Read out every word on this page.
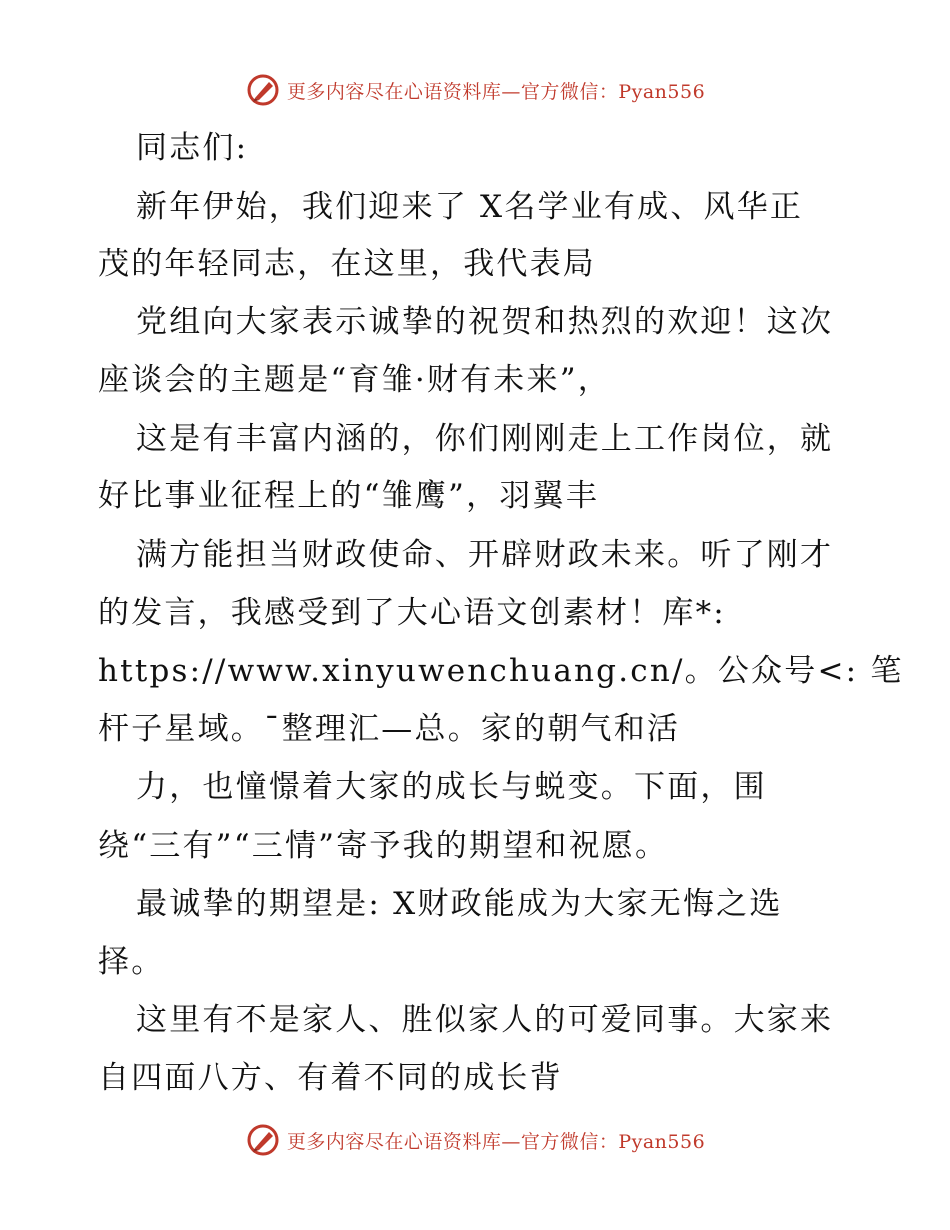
更多内容尽在心语资料库—官方微信：Pyan556
同志们:
新年伊始，我们迎来了 X名学业有成、风华正
茂的年轻同志，在这里，我代表局
党组向大家表示诚挚的祝贺和热烈的欢迎！这次
座谈会的主题是“育雏·财有未来”，
这是有丰富内涵的，你们刚刚走上工作岗位，就
好比事业征程上的“雏鹰”，羽翼丰
满方能担当财政使命、开辟财政未来。听了刚才
的发言，我感受到了大心语文创素材！库*:
https://www.xinyuwenchuang.cn/。公众号<: 笔
杆子星域。¯整理汇—总。家的朝气和活
力，也憧憬着大家的成长与蜕变。下面，围
绕“三有”“三情”寄予我的期望和祝愿。
最诚挚的期望是: X财政能成为大家无悔之选
择。
这里有不是家人、胜似家人的可爱同事。大家来
自四面八方、有着不同的成长背
更多内容尽在心语资料库—官方微信：Pyan556
